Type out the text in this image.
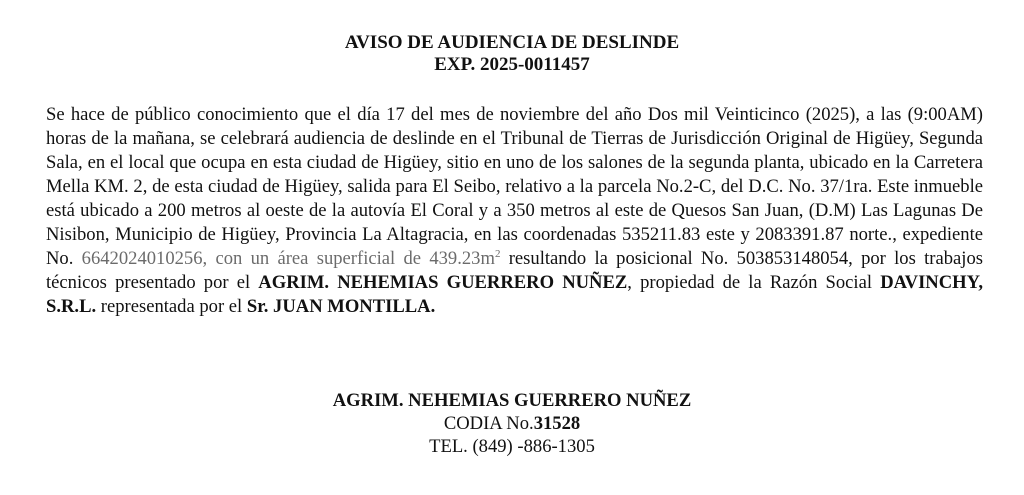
AVISO DE AUDIENCIA DE DESLINDE
EXP. 2025-0011457

Se hace de público conocimiento que el día 17 del mes de noviembre del año Dos mil Veinticinco (2025), a las (9:00AM) horas de la mañana, se celebrará audiencia de deslinde en el Tribunal de Tierras de Jurisdicción Original de Higüey, Segunda Sala, en el local que ocupa en esta ciudad de Higüey, sitio en uno de los salones de la segunda planta, ubicado en la Carretera Mella KM. 2, de esta ciudad de Higüey, salida para El Seibo, relativo a la parcela No.2-C, del D.C. No. 37/1ra. Este inmueble está ubicado a 200 metros al oeste de la autovía El Coral y a 350 metros al este de Quesos San Juan, (D.M) Las Lagunas De Nisibon, Municipio de Higüey, Provincia La Altagracia, en las coordenadas 535211.83 este y 2083391.87 norte., expediente No. 6642024010256, con un área superficial de $439.23m^2$ resultando la posicional No. 503853148054, por los trabajos técnicos presentado por el AGRIM. NEHEMIAS GUERRERO NUÑEZ, propiedad de la Razón Social DAVINCHY, S.R.L. representada por el Sr. JUAN MONTILLA.

AGRIM. NEHEMIAS GUERRERO NUÑEZ
CODIA No.31528
TEL. (849) -886-1305
